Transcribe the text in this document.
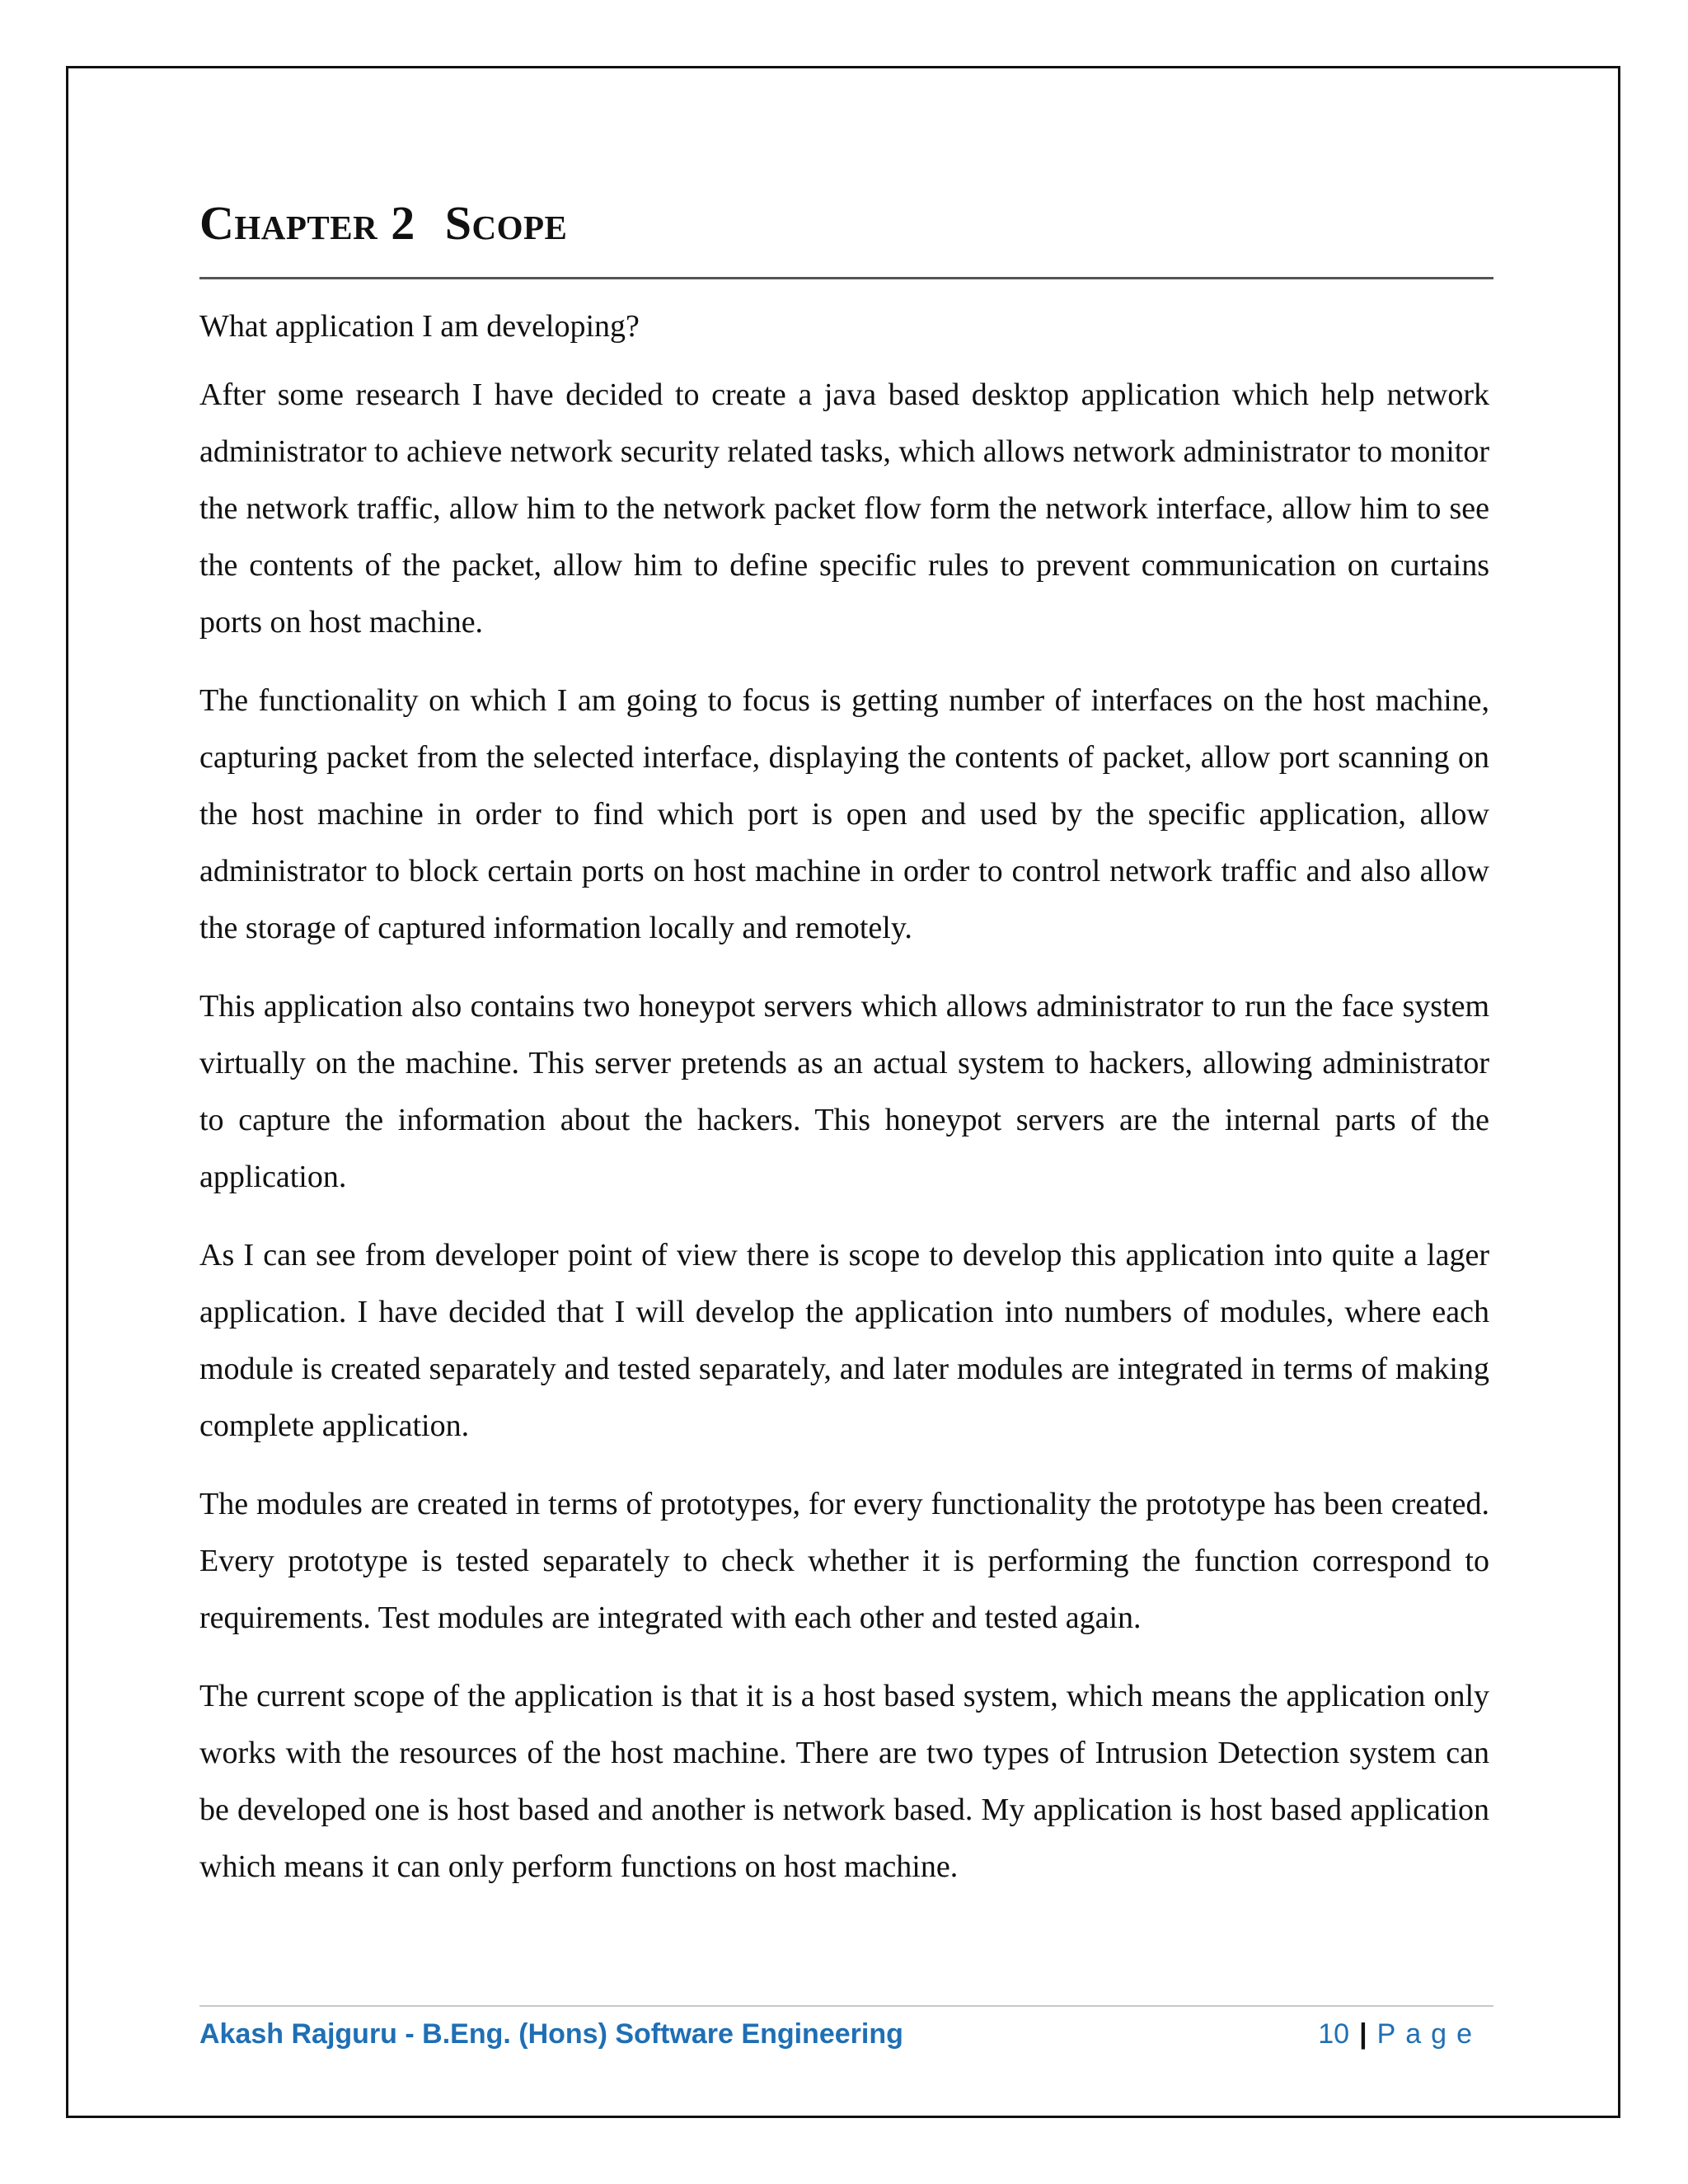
Chapter 2 Scope

What application I am developing?

After some research I have decided to create a java based desktop application which help network administrator to achieve network security related tasks, which allows network administrator to monitor the network traffic, allow him to the network packet flow form the network interface, allow him to see the contents of the packet, allow him to define specific rules to prevent communication on curtains ports on host machine.

The functionality on which I am going to focus is getting number of interfaces on the host machine, capturing packet from the selected interface, displaying the contents of packet, allow port scanning on the host machine in order to find which port is open and used by the specific application, allow administrator to block certain ports on host machine in order to control network traffic and also allow the storage of captured information locally and remotely.

This application also contains two honeypot servers which allows administrator to run the face system virtually on the machine. This server pretends as an actual system to hackers, allowing administrator to capture the information about the hackers. This honeypot servers are the internal parts of the application.

As I can see from developer point of view there is scope to develop this application into quite a lager application. I have decided that I will develop the application into numbers of modules, where each module is created separately and tested separately, and later modules are integrated in terms of making complete application.

The modules are created in terms of prototypes, for every functionality the prototype has been created. Every prototype is tested separately to check whether it is performing the function correspond to requirements. Test modules are integrated with each other and tested again.

The current scope of the application is that it is a host based system, which means the application only works with the resources of the host machine. There are two types of Intrusion Detection system can be developed one is host based and another is network based. My application is host based application which means it can only perform functions on host machine.

Akash Rajguru - B.Eng. (Hons) Software Engineering	10 | Page
